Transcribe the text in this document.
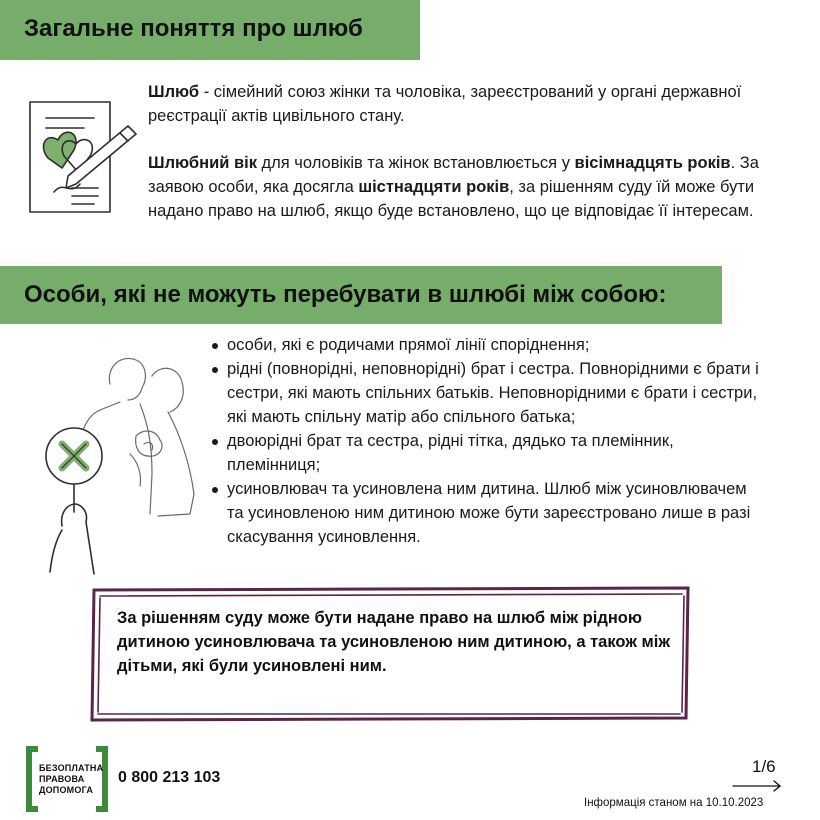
Загальне поняття про шлюб
Шлюб - сімейний союз жінки та чоловіка, зареєстрований у органі державної реєстрації актів цивільного стану.
Шлюбний вік для чоловіків та жінок встановлюється у вісімнадцять років. За заявою особи, яка досягла шістнадцяти років, за рішенням суду їй може бути надано право на шлюб, якщо буде встановлено, що це відповідає її інтересам.
Особи, які не можуть перебувати в шлюбі між собою:
особи, які є родичами прямої лінії споріднення;
рідні (повнорідні, неповнорідні) брат і сестра. Повнорідними є брати і сестри, які мають спільних батьків. Неповнорідними є брати і сестри, які мають спільну матір або спільного батька;
двоюрідні брат та сестра, рідні тітка, дядько та племінник, племінниця;
усиновлювач та усиновлена ним дитина. Шлюб між усиновлювачем та усиновленою ним дитиною може бути зареєстровано лише в разі скасування усиновлення.
За рішенням суду може бути надане право на шлюб між рідною дитиною усиновлювача та усиновленою ним дитиною, а також між дітьми, які були усиновлені ним.
БЕЗОПЛАТНА
ПРАВОВА
ДОПОМОГА
0 800 213 103
1/6
Інформація станом на 10.10.2023
